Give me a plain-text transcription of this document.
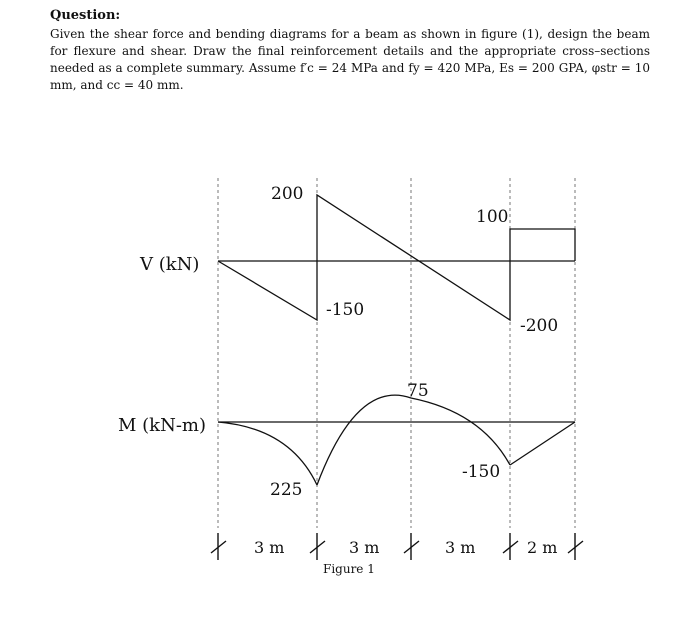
Question:
Given the shear force and bending diagrams for a beam as shown in figure (1), design the beam for flexure and shear. Draw the final reinforcement details and the appropriate cross–sections needed as a complete summary. Assume f′c = 24 MPa and fy = 420 MPa, Es = 200 GPA, φstr = 10 mm, and cc = 40 mm.
V (kN)
200
-150
100
-200
M (kN-m)
225
75
-150
3 m	3 m	3 m	2 m
Figure 1
